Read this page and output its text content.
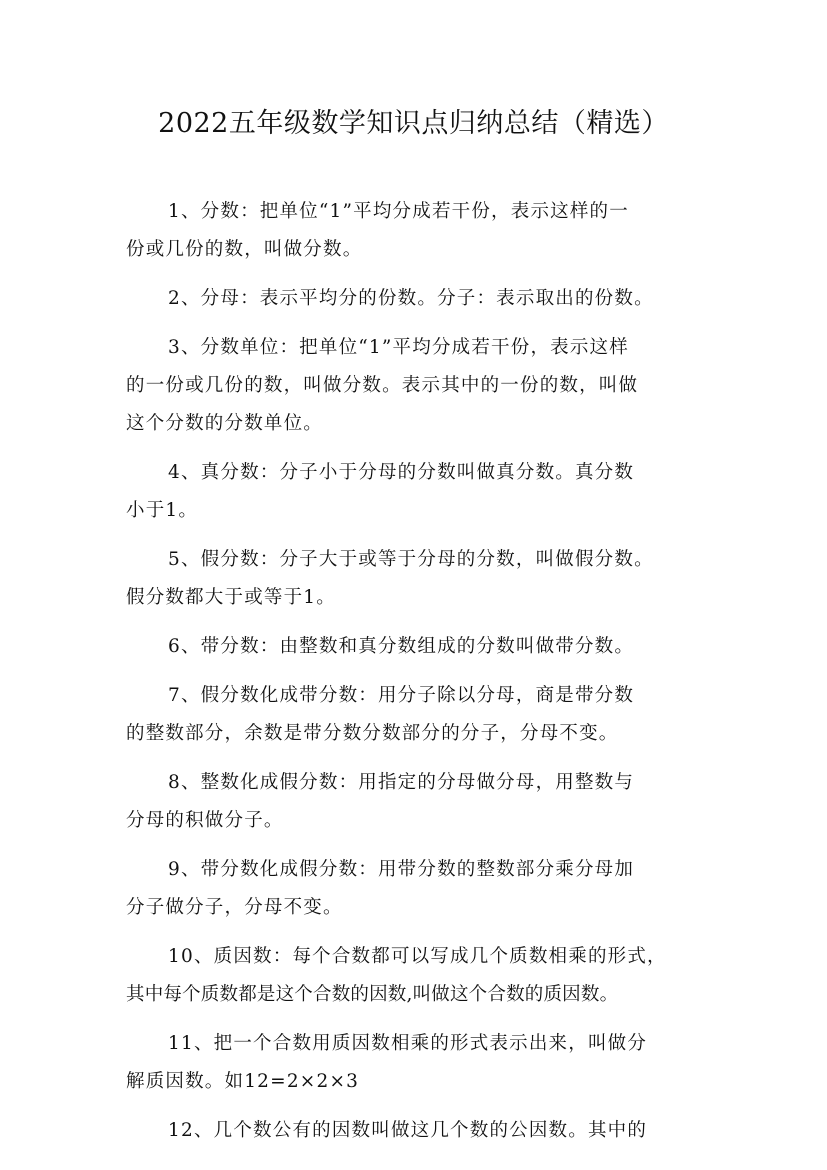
2022五年级数学知识点归纳总结（精选）

1、分数：把单位“1”平均分成若干份，表示这样的一
份或几份的数，叫做分数。

2、分母：表示平均分的份数。分子：表示取出的份数。

3、分数单位：把单位“1”平均分成若干份，表示这样
的一份或几份的数，叫做分数。表示其中的一份的数，叫做
这个分数的分数单位。

4、真分数：分子小于分母的分数叫做真分数。真分数
小于1。

5、假分数：分子大于或等于分母的分数，叫做假分数。
假分数都大于或等于1。

6、带分数：由整数和真分数组成的分数叫做带分数。

7、假分数化成带分数：用分子除以分母，商是带分数
的整数部分，余数是带分数分数部分的分子，分母不变。

8、整数化成假分数：用指定的分母做分母，用整数与
分母的积做分子。

9、带分数化成假分数：用带分数的整数部分乘分母加
分子做分子，分母不变。

10、质因数：每个合数都可以写成几个质数相乘的形式，
其中每个质数都是这个合数的因数,叫做这个合数的质因数。

11、把一个合数用质因数相乘的形式表示出来，叫做分
解质因数。如12=2×2×3

12、几个数公有的因数叫做这几个数的公因数。其中的
